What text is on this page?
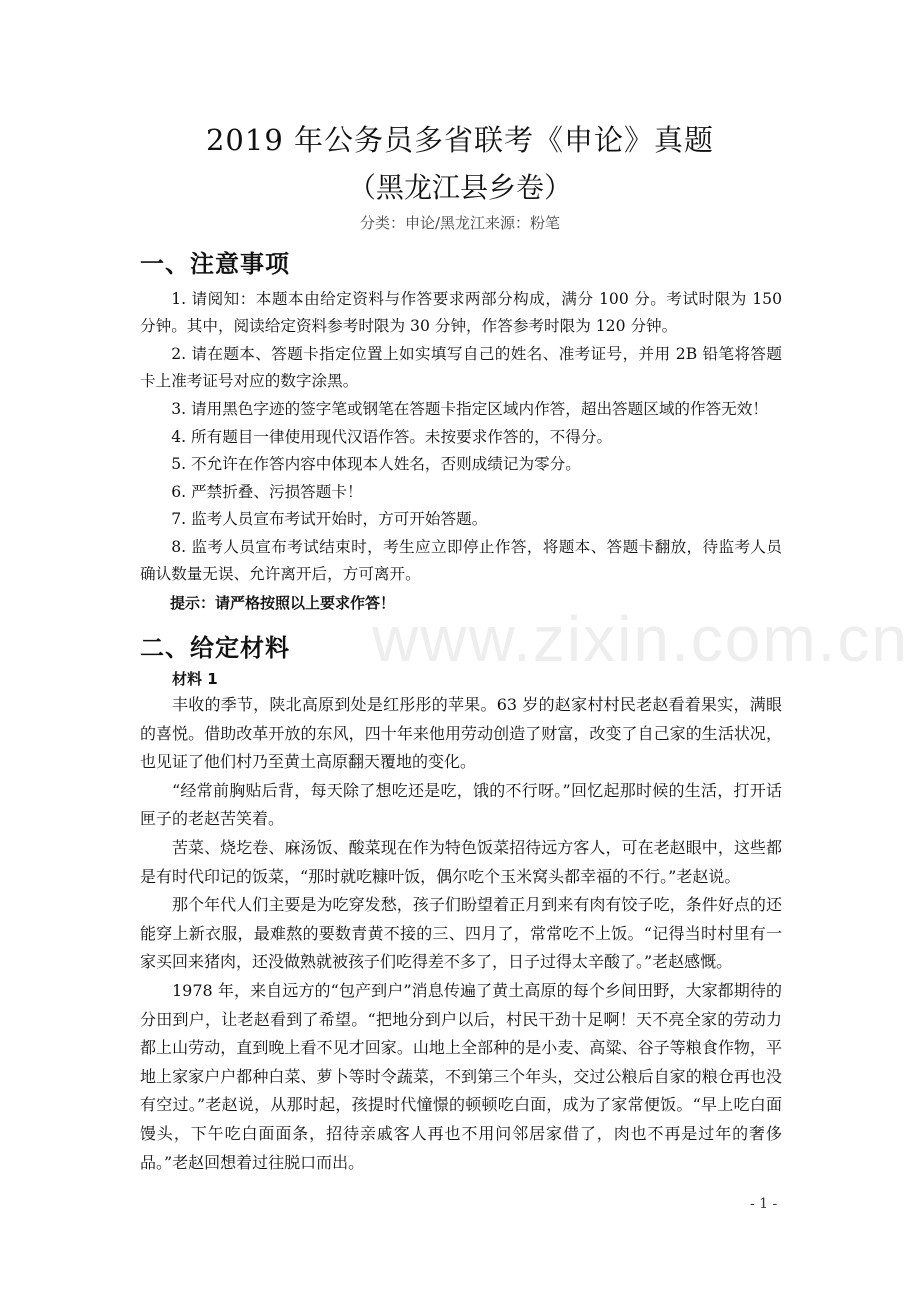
www.zixin.com.cn
2019 年公务员多省联考《申论》真题
（黑龙江县乡卷）
分类：申论/黑龙江来源：粉笔
一、注意事项

1. 请阅知：本题本由给定资料与作答要求两部分构成，满分 100 分。考试时限为 150 分钟。其中，阅读给定资料参考时限为 30 分钟，作答参考时限为 120 分钟。

2. 请在题本、答题卡指定位置上如实填写自己的姓名、准考证号，并用 2B 铅笔将答题卡上准考证号对应的数字涂黑。

3. 请用黑色字迹的签字笔或钢笔在答题卡指定区域内作答，超出答题区域的作答无效！

4. 所有题目一律使用现代汉语作答。未按要求作答的，不得分。

5. 不允许在作答内容中体现本人姓名，否则成绩记为零分。

6. 严禁折叠、污损答题卡！

7. 监考人员宣布考试开始时，方可开始答题。

8. 监考人员宣布考试结束时，考生应立即停止作答，将题本、答题卡翻放，待监考人员确认数量无误、允许离开后，方可离开。

提示：请严格按照以上要求作答！

二、给定材料
材料 1

丰收的季节，陕北高原到处是红彤彤的苹果。63 岁的赵家村村民老赵看着果实，满眼的喜悦。借助改革开放的东风，四十年来他用劳动创造了财富，改变了自己家的生活状况，也见证了他们村乃至黄土高原翻天覆地的变化。

“经常前胸贴后背，每天除了想吃还是吃，饿的不行呀。”回忆起那时候的生活，打开话匣子的老赵苦笑着。

苦菜、烧圪卷、麻汤饭、酸菜现在作为特色饭菜招待远方客人，可在老赵眼中，这些都是有时代印记的饭菜，“那时就吃糠叶饭，偶尔吃个玉米窝头都幸福的不行。”老赵说。

那个年代人们主要是为吃穿发愁，孩子们盼望着正月到来有肉有饺子吃，条件好点的还能穿上新衣服，最难熬的要数青黄不接的三、四月了，常常吃不上饭。“记得当时村里有一家买回来猪肉，还没做熟就被孩子们吃得差不多了，日子过得太辛酸了。”老赵感慨。

1978 年，来自远方的“包产到户”消息传遍了黄土高原的每个乡间田野，大家都期待的分田到户，让老赵看到了希望。“把地分到户以后，村民干劲十足啊！天不亮全家的劳动力都上山劳动，直到晚上看不见才回家。山地上全部种的是小麦、高粱、谷子等粮食作物，平地上家家户户都种白菜、萝卜等时令蔬菜，不到第三个年头，交过公粮后自家的粮仓再也没有空过。”老赵说，从那时起，孩提时代憧憬的顿顿吃白面，成为了家常便饭。“早上吃白面馒头，下午吃白面面条，招待亲戚客人再也不用问邻居家借了，肉也不再是过年的奢侈品。”老赵回想着过往脱口而出。

- 1 -
